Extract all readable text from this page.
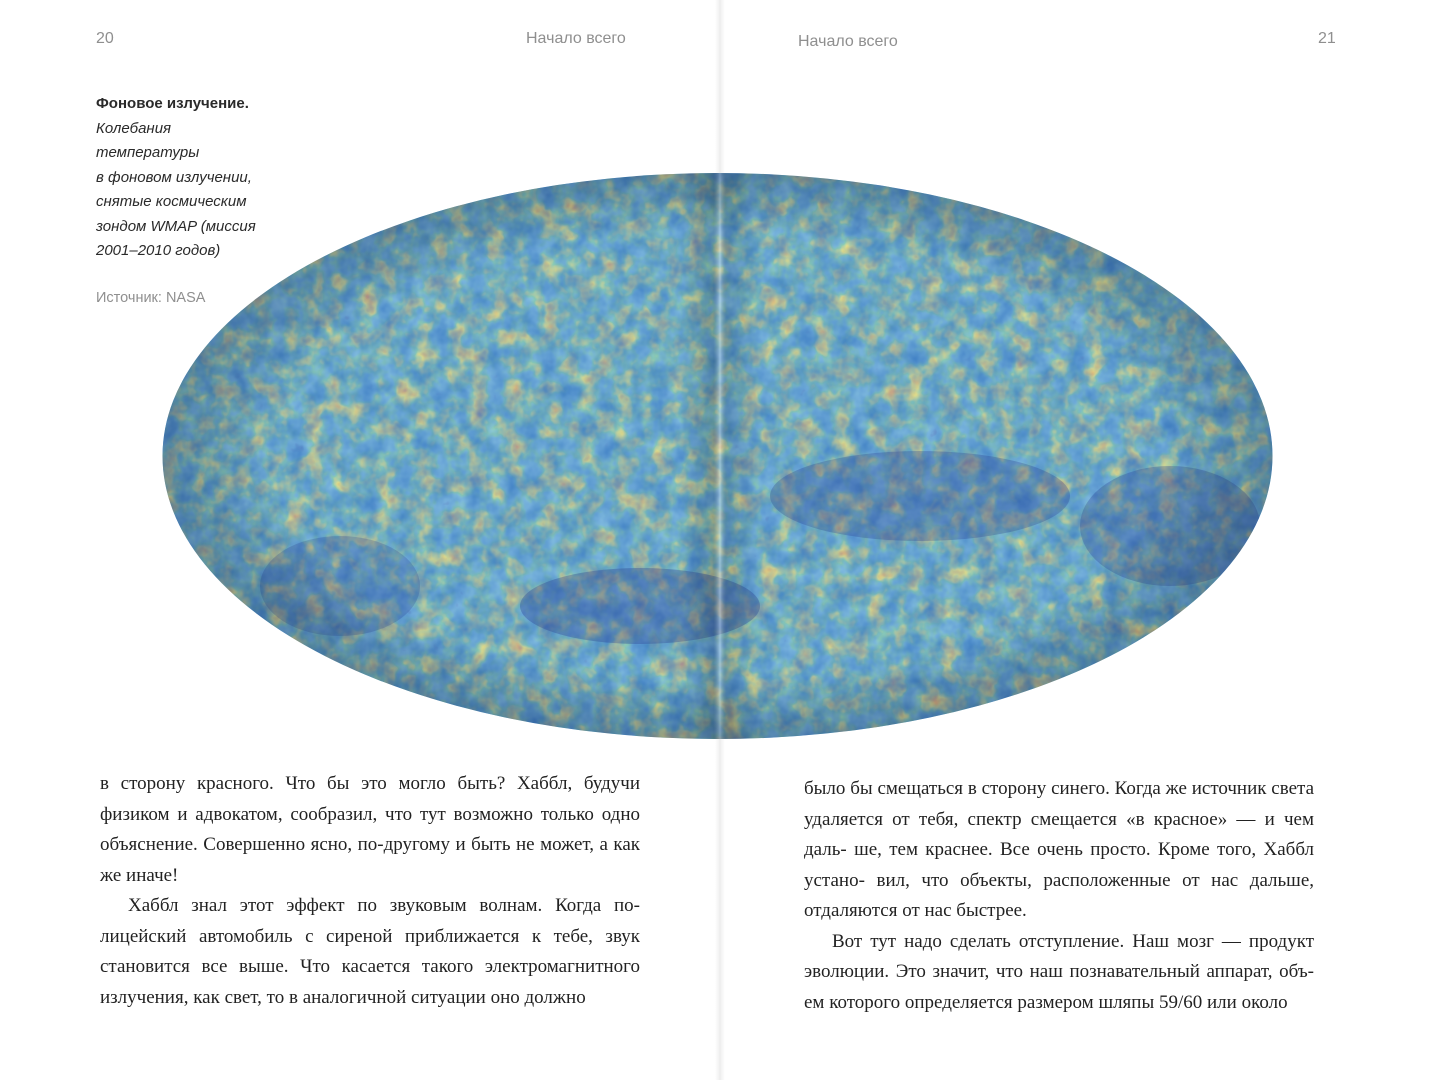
20	Начало всего	Начало всего	21
Фоновое излучение.
Колебания
температуры
в фоновом излучении,
снятые космическим
зондом WMAP (миссия
2001–2010 годов)
Источник: NASA

в сторону красного. Что бы это могло быть? Хаббл, будучи физиком и адвокатом, сообразил, что тут возможно только одно объяснение. Совершенно ясно, по-другому и быть не может, а как же иначе!

Хаббл знал этот эффект по звуковым волнам. Когда по- лицейский автомобиль с сиреной приближается к тебе, звук становится все выше. Что касается такого электромагнитного излучения, как свет, то в аналогичной ситуации оно должно

было бы смещаться в сторону синего. Когда же источник света удаляется от тебя, спектр смещается «в красное» — и чем даль- ше, тем краснее. Все очень просто. Кроме того, Хаббл устано- вил, что объекты, расположенные от нас дальше, отдаляются от нас быстрее.

Вот тут надо сделать отступление. Наш мозг — продукт эволюции. Это значит, что наш познавательный аппарат, объ- ем которого определяется размером шляпы 59/60 или около
